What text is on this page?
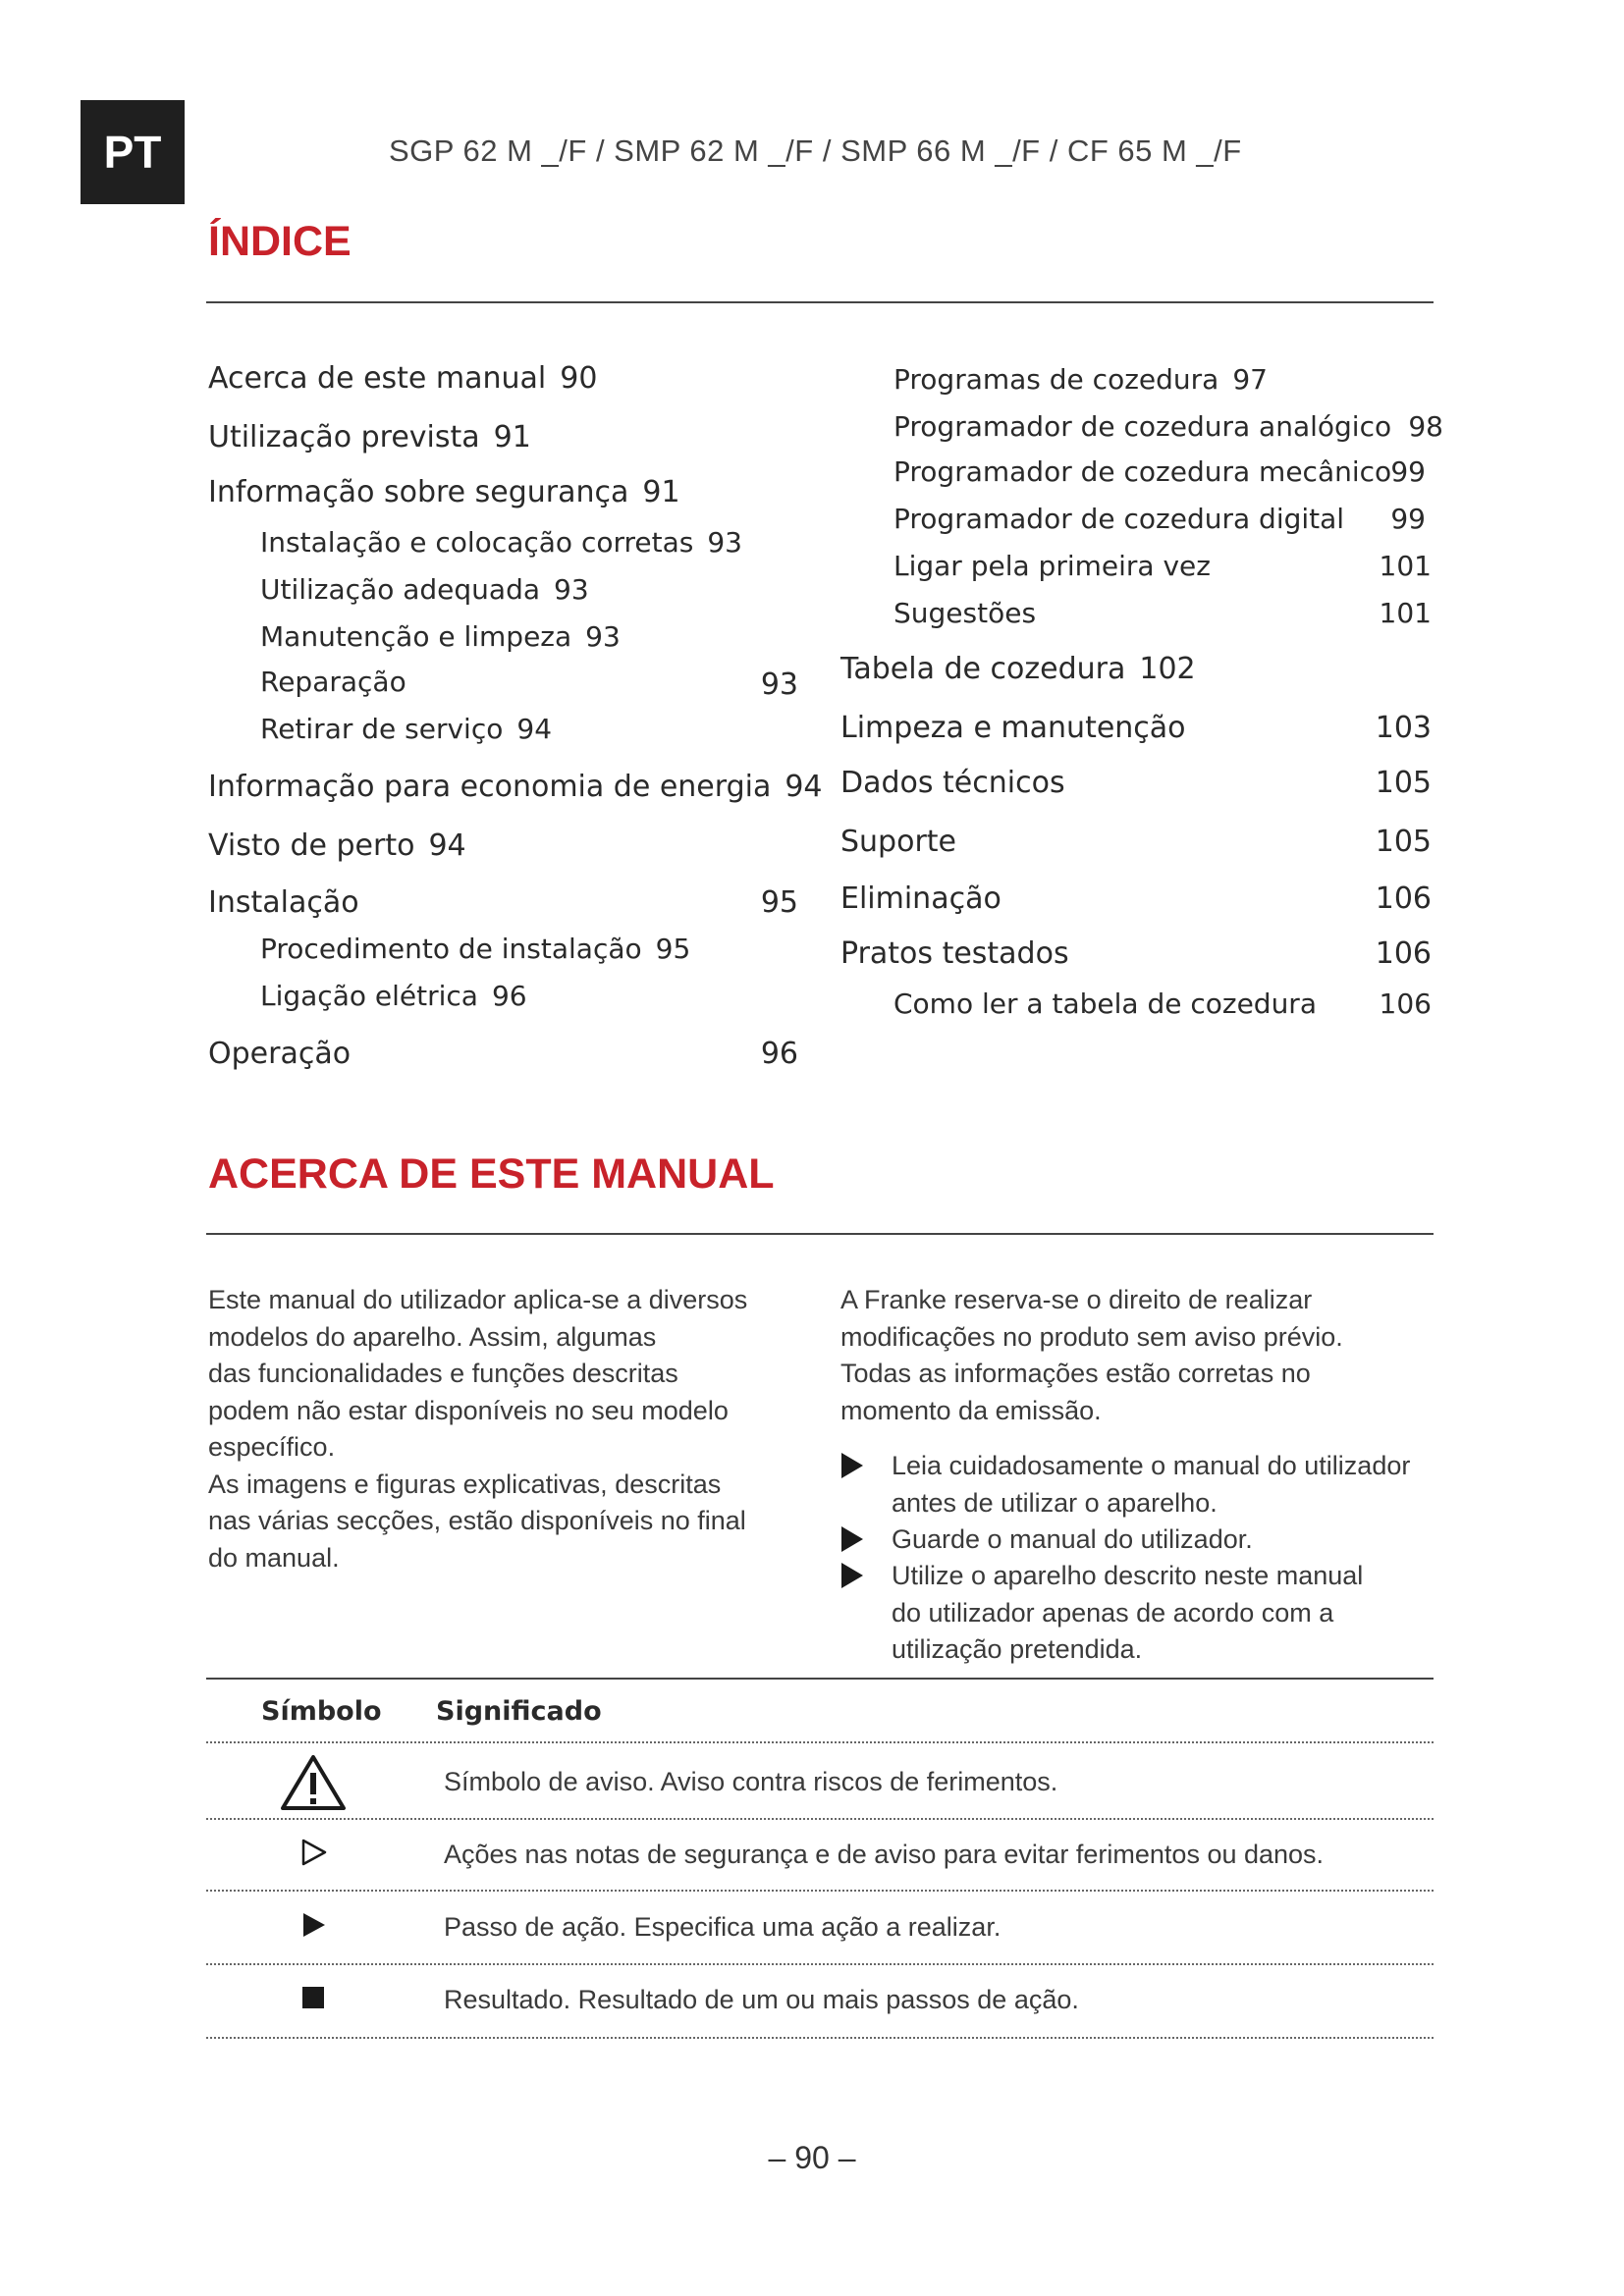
PT	SGP 62 M _/F / SMP 62 M _/F / SMP 66 M _/F / CF 65 M _/F
ÍNDICE
Acerca de este manual 90
Utilização prevista 91
Informação sobre segurança 91
Instalação e colocação corretas 93
Utilização adequada 93
Manutenção e limpeza 93
Reparação	93
Retirar de serviço 94
Informação para economia de energia 94
Visto de perto 94
Instalação	95
Procedimento de instalação 95
Ligação elétrica 96
Operação	96
Programas de cozedura 97
Programador de cozedura analógico 98
Programador de cozedura mecânico 99
Programador de cozedura digital	99
Ligar pela primeira vez	101
Sugestões	101
Tabela de cozedura 102
Limpeza e manutenção	103
Dados técnicos	105
Suporte	105
Eliminação	106
Pratos testados	106
Como ler a tabela de cozedura	106
ACERCA DE ESTE MANUAL
Este manual do utilizador aplica-se a diversos
modelos do aparelho. Assim, algumas
das funcionalidades e funções descritas
podem não estar disponíveis no seu modelo
específico.
As imagens e figuras explicativas, descritas
nas várias secções, estão disponíveis no final
do manual.
A Franke reserva-se o direito de realizar
modificações no produto sem aviso prévio.
Todas as informações estão corretas no
momento da emissão.
Leia cuidadosamente o manual do utilizador
antes de utilizar o aparelho.
Guarde o manual do utilizador.
Utilize o aparelho descrito neste manual
do utilizador apenas de acordo com a
utilização pretendida.
Símbolo Significado
Símbolo de aviso. Aviso contra riscos de ferimentos.
Ações nas notas de segurança e de aviso para evitar ferimentos ou danos.
Passo de ação. Especifica uma ação a realizar.
Resultado. Resultado de um ou mais passos de ação.
– 90 –
